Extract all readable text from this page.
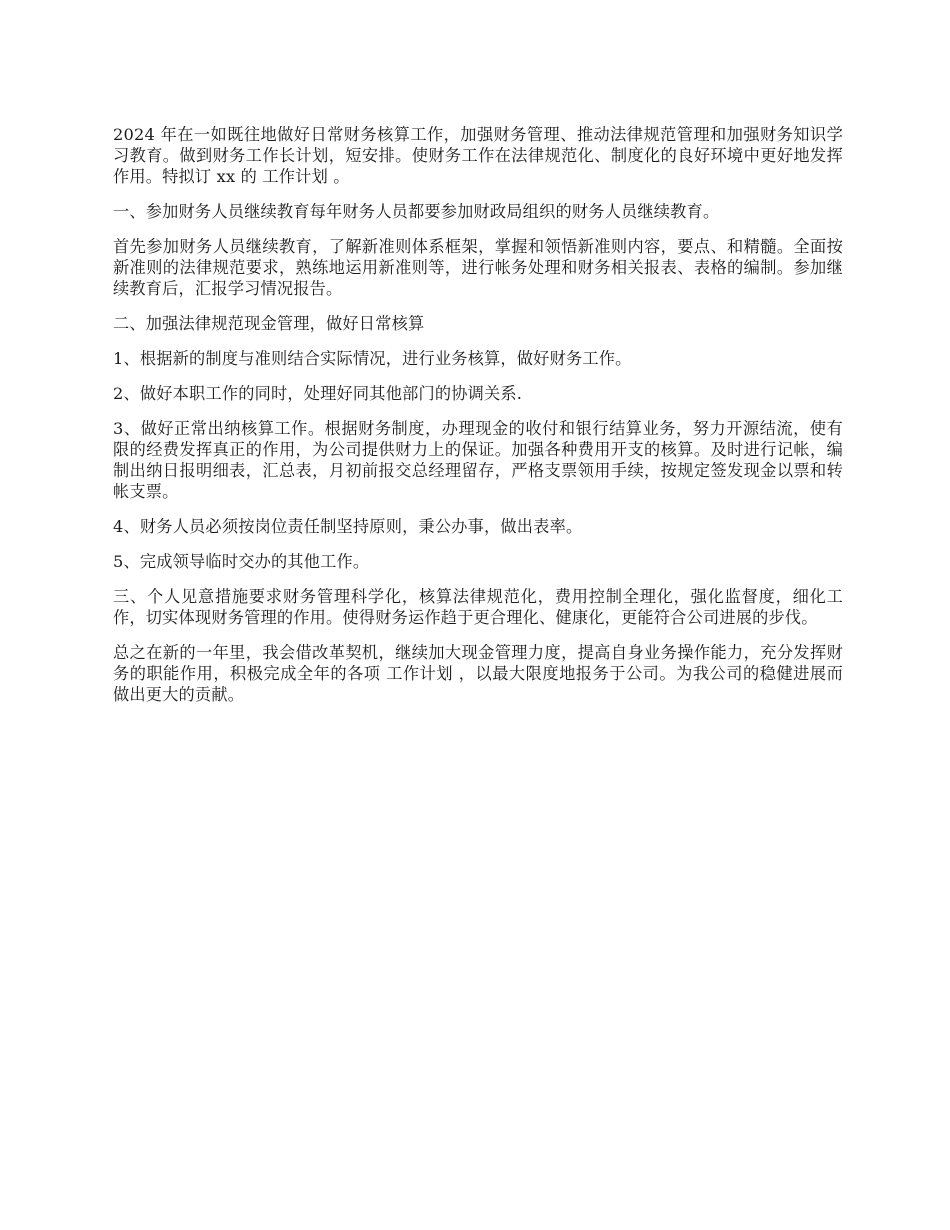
2024 年在一如既往地做好日常财务核算工作，加强财务管理、推动法律规范管理和加强财务知识学习教育。做到财务工作长计划，短安排。使财务工作在法律规范化、制度化的良好环境中更好地发挥作用。特拟订 xx 的 工作计划 。

一、参加财务人员继续教育每年财务人员都要参加财政局组织的财务人员继续教育。

首先参加财务人员继续教育，了解新准则体系框架，掌握和领悟新准则内容，要点、和精髓。全面按新准则的法律规范要求，熟练地运用新准则等，进行帐务处理和财务相关报表、表格的编制。参加继续教育后，汇报学习情况报告。

二、加强法律规范现金管理，做好日常核算

1、根据新的制度与准则结合实际情况，进行业务核算，做好财务工作。

2、做好本职工作的同时，处理好同其他部门的协调关系.

3、做好正常出纳核算工作。根据财务制度，办理现金的收付和银行结算业务，努力开源结流，使有限的经费发挥真正的作用，为公司提供财力上的保证。加强各种费用开支的核算。及时进行记帐，编制出纳日报明细表，汇总表，月初前报交总经理留存，严格支票领用手续，按规定签发现金以票和转帐支票。

4、财务人员必须按岗位责任制坚持原则，秉公办事，做出表率。

5、完成领导临时交办的其他工作。

三、个人见意措施要求财务管理科学化，核算法律规范化，费用控制全理化，强化监督度，细化工作，切实体现财务管理的作用。使得财务运作趋于更合理化、健康化，更能符合公司进展的步伐。

总之在新的一年里，我会借改革契机，继续加大现金管理力度，提高自身业务操作能力，充分发挥财务的职能作用，积极完成全年的各项 工作计划 ，以最大限度地报务于公司。为我公司的稳健进展而做出更大的贡献。
